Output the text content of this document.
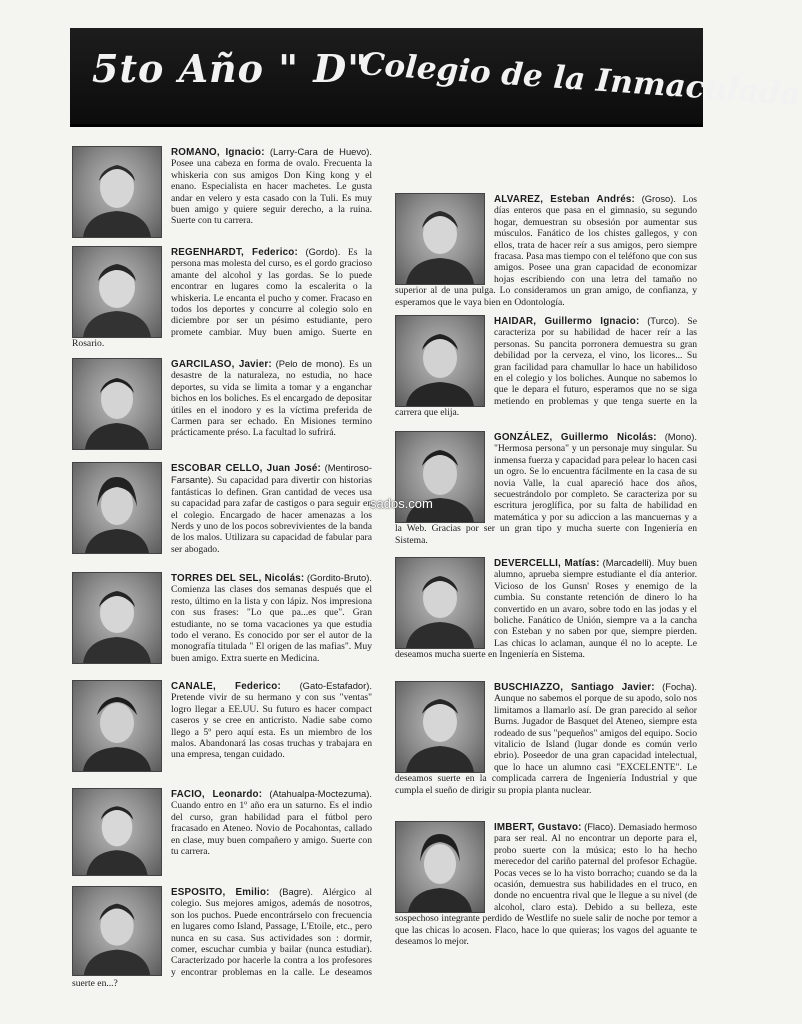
5to Año " D"
Colegio de la Inmaculada
ROMANO, Ignacio: (Larry-Cara de Huevo). Posee una cabeza en forma de ovalo. Frecuenta la whiskeria con sus amigos Don King kong y el enano. Especialista en hacer machetes. Le gusta andar en velero y esta casado con la Tuli. Es muy buen amigo y quiere seguir derecho, a la ruina. Suerte con tu carrera.
REGENHARDT, Federico: (Gordo). Es la persona mas molesta del curso, es el gordo gracioso amante del alcohol y las gordas. Se lo puede encontrar en lugares como la escalerita o la whiskeria. Le encanta el pucho y comer. Fracaso en todos los deportes y concurre al colegio solo en diciembre por ser un pésimo estudiante, pero promete cambiar. Muy buen amigo. Suerte en Rosario.
GARCILASO, Javier: (Pelo de mono). Es un desastre de la naturaleza, no estudia, no hace deportes, su vida se limita a tomar y a enganchar bichos en los boliches. Es el encargado de depositar útiles en el inodoro y es la víctima preferida de Carmen para ser echado. En Misiones termino prácticamente préso. La facultad lo sufrirá.
ESCOBAR CELLO, Juan José: (Mentiroso-Farsante). Su capacidad para divertir con historias fantásticas lo definen. Gran cantidad de veces usa su capacidad para zafar de castigos o para seguir en el colegio. Encargado de hacer amenazas a los Nerds y uno de los pocos sobrevivientes de la banda de los malos. Utilizara su capacidad de fabular para ser abogado.
TORRES DEL SEL, Nicolás: (Gordito-Bruto). Comienza las clases dos semanas después que el resto, último en la lista y con lápiz. Nos impresiona con sus frases: "Lo que pa...es que". Gran estudiante, no se toma vacaciones ya que estudia todo el verano. Es conocido por ser el autor de la monografía titulada " El origen de las mafias". Muy buen amigo. Extra suerte en Medicina.
CANALE, Federico: (Gato-Estafador). Pretende vivir de su hermano y con sus "ventas" logro llegar a EE.UU. Su futuro es hacer compact caseros y se cree en anticristo. Nadie sabe como llego a 5º pero aquí esta. Es un miembro de los malos. Abandonará las cosas truchas y trabajara en una empresa, tengan cuidado.
FACIO, Leonardo: (Atahualpa-Moctezuma). Cuando entro en 1º año era un saturno. Es el indio del curso, gran habilidad para el fútbol pero fracasado en Ateneo. Novio de Pocahontas, callado en clase, muy buen compañero y amigo. Suerte con tu carrera.
ESPOSITO, Emilio: (Bagre). Alérgico al colegio. Sus mejores amigos, además de nosotros, son los puchos. Puede encontrárselo con frecuencia en lugares como Island, Passage, L'Etoile, etc., pero nunca en su casa. Sus actividades son : dormir, comer, escuchar cumbia y bailar (nunca estudiar). Caracterizado por hacerle la contra a los profesores y encontrar problemas en la calle. Le deseamos suerte en...?
ALVAREZ, Esteban Andrés: (Groso). Los días enteros que pasa en el gimnasio, su segundo hogar, demuestran su obsesión por aumentar sus músculos. Fanático de los chistes gallegos, y con ellos, trata de hacer reír a sus amigos, pero siempre fracasa. Pasa mas tiempo con el teléfono que con sus amigos. Posee una gran capacidad de economizar hojas escribiendo con una letra del tamaño no superior al de una pulga. Lo consideramos un gran amigo, de confianza, y esperamos que le vaya bien en Odontología.
HAIDAR, Guillermo Ignacio: (Turco). Se caracteriza por su habilidad de hacer reír a las personas. Su pancita porronera demuestra su gran debilidad por la cerveza, el vino, los licores... Su gran facilidad para chamullar lo hace un habilidoso en el colegio y los boliches. Aunque no sabemos lo que le depara el futuro, esperamos que no se siga metiendo en problemas y que tenga suerte en la carrera que elija.
GONZÁLEZ, Guillermo Nicolás: (Mono). "Hermosa persona" y un personaje muy singular. Su inmensa fuerza y capacidad para pelear lo hacen casi un ogro. Se lo encuentra fácilmente en la casa de su novia Valle, la cual apareció hace dos años, secuestrándolo por completo. Se caracteriza por su escritura jeroglífica, por su falta de habilidad en matemática y por su adiccion a las mancuernas y a la Web. Gracias por ser un gran tipo y mucha suerte con Ingeniería en Sistema.
DEVERCELLI, Matías: (Marcadelli). Muy buen alumno, aprueba siempre estudiante el día anterior. Vicioso de los Gunsn' Roses y enemigo de la cumbia. Su constante retención de dinero lo ha convertido en un avaro, sobre todo en las jodas y el boliche. Fanático de Unión, siempre va a la cancha con Esteban y no saben por que, siempre pierden. Las chicas lo aclaman, aunque él no lo acepte. Le deseamos mucha suerte en Ingeniería en Sistema.
BUSCHIAZZO, Santiago Javier: (Focha). Aunque no sabemos el porque de su apodo, solo nos limitamos a llamarlo así. De gran parecido al señor Burns. Jugador de Basquet del Ateneo, siempre esta rodeado de sus "pequeños" amigos del equipo. Socio vitalicio de Island (lugar donde es común verlo ebrio). Poseedor de una gran capacidad intelectual, que lo hace un alumno casi "EXCELENTE". Le deseamos suerte en la complicada carrera de Ingeniería Industrial y que cumpla el sueño de dirigir su propia planta nuclear.
IMBERT, Gustavo: (Flaco). Demasiado hermoso para ser real. Al no encontrar un deporte para el, probo suerte con la música; esto lo ha hecho merecedor del cariño paternal del profesor Echagüe. Pocas veces se lo ha visto borracho; cuando se da la ocasión, demuestra sus habilidades en el truco, en donde no encuentra rival que le llegue a su nivel (de alcohol, claro esta). Debido a su belleza, este sospechoso integrante perdido de Westlife no suele salir de noche por temor a que las chicas lo acosen. Flaco, hace lo que quieras; los vagos del aguante te deseamos lo mejor.
sados.com
